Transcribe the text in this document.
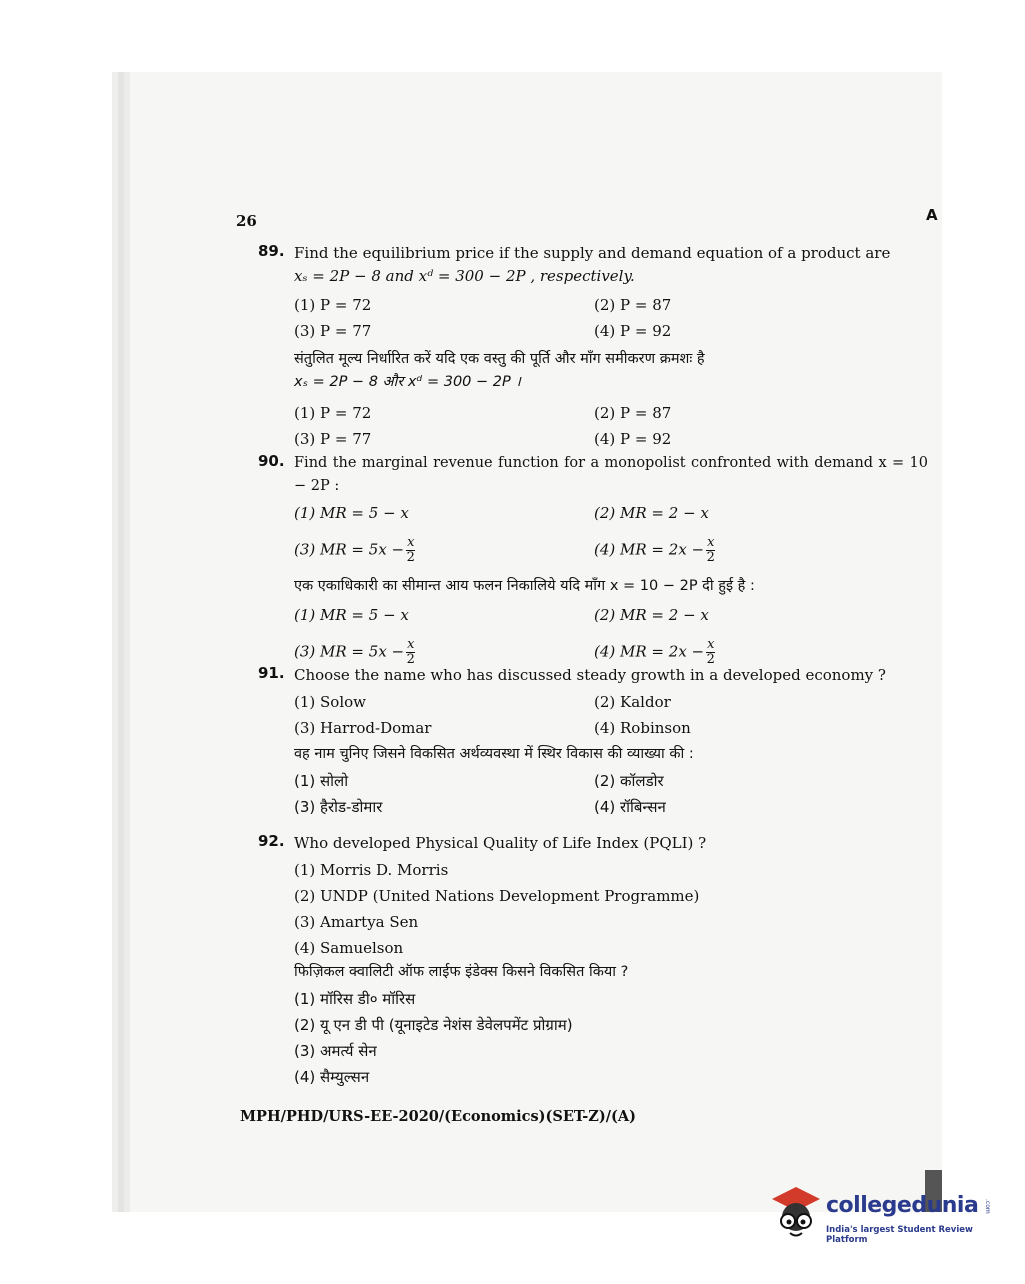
26	A
89. Find the equilibrium price if the supply and demand equation of a product are
xₛ = 2P − 8 and xᵈ = 300 − 2P , respectively.
(1) P = 72	(2) P = 87
(3) P = 77	(4) P = 92
संतुलित मूल्य निर्धारित करें यदि एक वस्तु की पूर्ति और माँग समीकरण क्रमशः है
xₛ = 2P − 8 और xᵈ = 300 − 2P ।
(1) P = 72	(2) P = 87
(3) P = 77	(4) P = 92
90. Find the marginal revenue function for a monopolist confronted with demand x = 10 − 2P :
(1) MR = 5 − x	(2) MR = 2 − x
(3) MR = $5x - \frac{x}{2}$	(4) MR = $2x - \frac{x}{2}$
एक एकाधिकारी का सीमान्त आय फलन निकालिये यदि माँग x = 10 − 2P दी हुई है :
(1) MR = 5 − x	(2) MR = 2 − x
(3) MR = $5x - \frac{x}{2}$	(4) MR = $2x - \frac{x}{2}$
91. Choose the name who has discussed steady growth in a developed economy ?
(1) Solow	(2) Kaldor
(3) Harrod-Domar	(4) Robinson
वह नाम चुनिए जिसने विकसित अर्थव्यवस्था में स्थिर विकास की व्याख्या की :
(1) सोलो	(2) कॉलडोर
(3) हैरोड-डोमार	(4) रॉबिन्सन
92. Who developed Physical Quality of Life Index (PQLI) ?
(1) Morris D. Morris
(2) UNDP (United Nations Development Programme)
(3) Amartya Sen
(4) Samuelson
फिज़िकल क्वालिटी ऑफ लाईफ इंडेक्स किसने विकसित किया ?
(1) मॉरिस डी० मॉरिस
(2) यू एन डी पी (यूनाइटेड नेशंस डेवेलपमेंट प्रोग्राम)
(3) अमर्त्य सेन
(4) सैम्युल्सन
MPH/PHD/URS-EE-2020/(Economics)(SET-Z)/(A)
collegedunia .com
India's largest Student Review Platform
